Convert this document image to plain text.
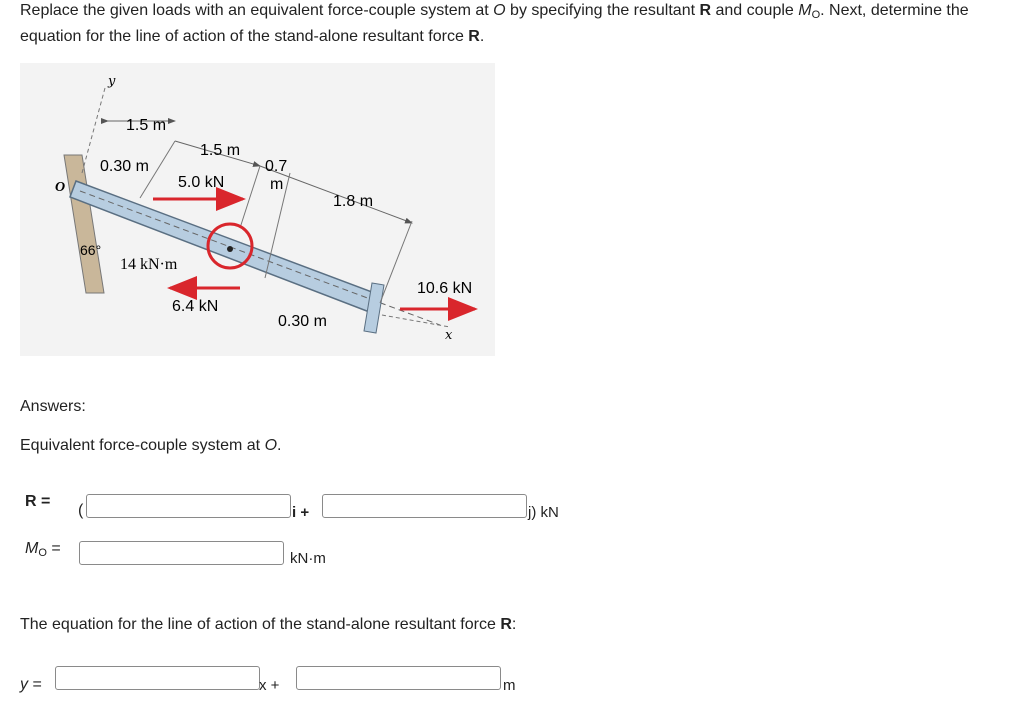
Replace the given loads with an equivalent force-couple system at O by specifying the resultant R and couple $M_O$. Next, determine the equation for the line of action of the stand-alone resultant force R.
y
O
1.5 m
1.5 m
0.30 m	0.7
m
1.8 m
0.30 m
66°
5.0 kN
6.4 kN
10.6 kN
14 kN·m
x
Answers:
Equivalent force-couple system at O.
R =
(	i +	j) kN
$M_O$ =
kN·m
The equation for the line of action of the stand-alone resultant force R:
y =	x +	m
